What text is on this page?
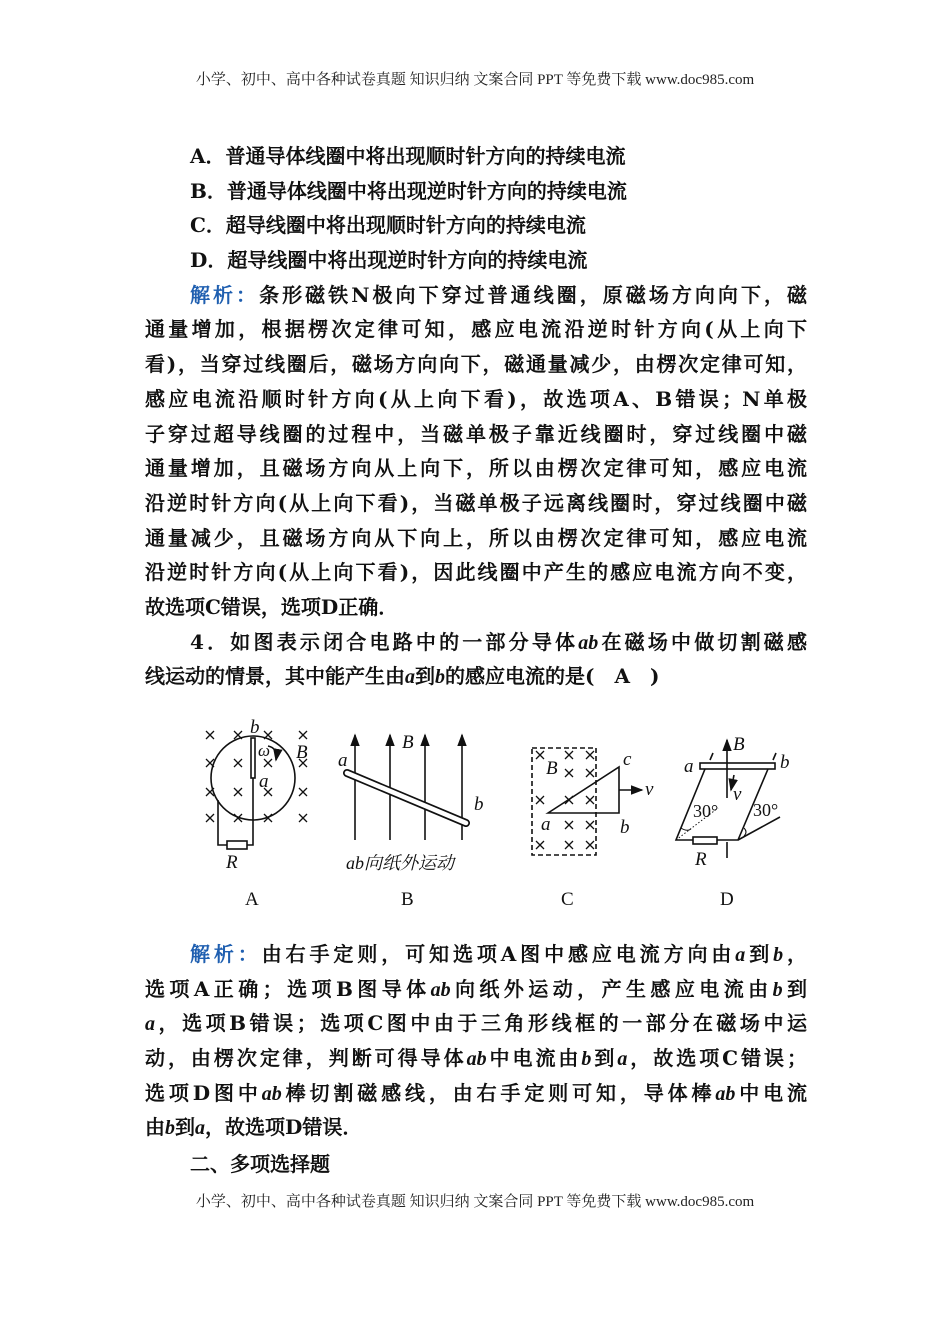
小学、初中、高中各种试卷真题 知识归纳 文案合同 PPT 等免费下载 www.doc985.com
A．普通导体线圈中将出现顺时针方向的持续电流
B．普通导体线圈中将出现逆时针方向的持续电流
C．超导线圈中将出现顺时针方向的持续电流
D．超导线圈中将出现逆时针方向的持续电流
解析：条形磁铁N极向下穿过普通线圈，原磁场方向向下，磁
通量增加，根据楞次定律可知，感应电流沿逆时针方向(从上向下
看)，当穿过线圈后，磁场方向向下，磁通量减少，由楞次定律可知，
感应电流沿顺时针方向(从上向下看)，故选项A、B错误；N单极
子穿过超导线圈的过程中，当磁单极子靠近线圈时，穿过线圈中磁
通量增加，且磁场方向从上向下，所以由楞次定律可知，感应电流
沿逆时针方向(从上向下看)，当磁单极子远离线圈时，穿过线圈中磁
通量减少，且磁场方向从下向上，所以由楞次定律可知，感应电流
沿逆时针方向(从上向下看)，因此线圈中产生的感应电流方向不变，
故选项C错误，选项D正确．
4．如图表示闭合电路中的一部分导体ab在磁场中做切割磁感
线运动的情景，其中能产生由a到b的感应电流的是(　A　)
解析：由右手定则，可知选项A图中感应电流方向由a到b，
选项A正确；选项B图导体ab向纸外运动，产生感应电流由b到
a，选项B错误；选项C图中由于三角形线框的一部分在磁场中运
动，由楞次定律，判断可得导体ab中电流由b到a，故选项C错误；
选项D图中ab棒切割磁感线，由右手定则可知，导体棒ab中电流
由b到a，故选项D错误．
二、多项选择题
b
a
ω B
R
A
a
b
B
ab向纸外运动
B
a	b
c
B
v
C
a	b
B
v
30° 30°
R
D
小学、初中、高中各种试卷真题 知识归纳 文案合同 PPT 等免费下载 www.doc985.com
